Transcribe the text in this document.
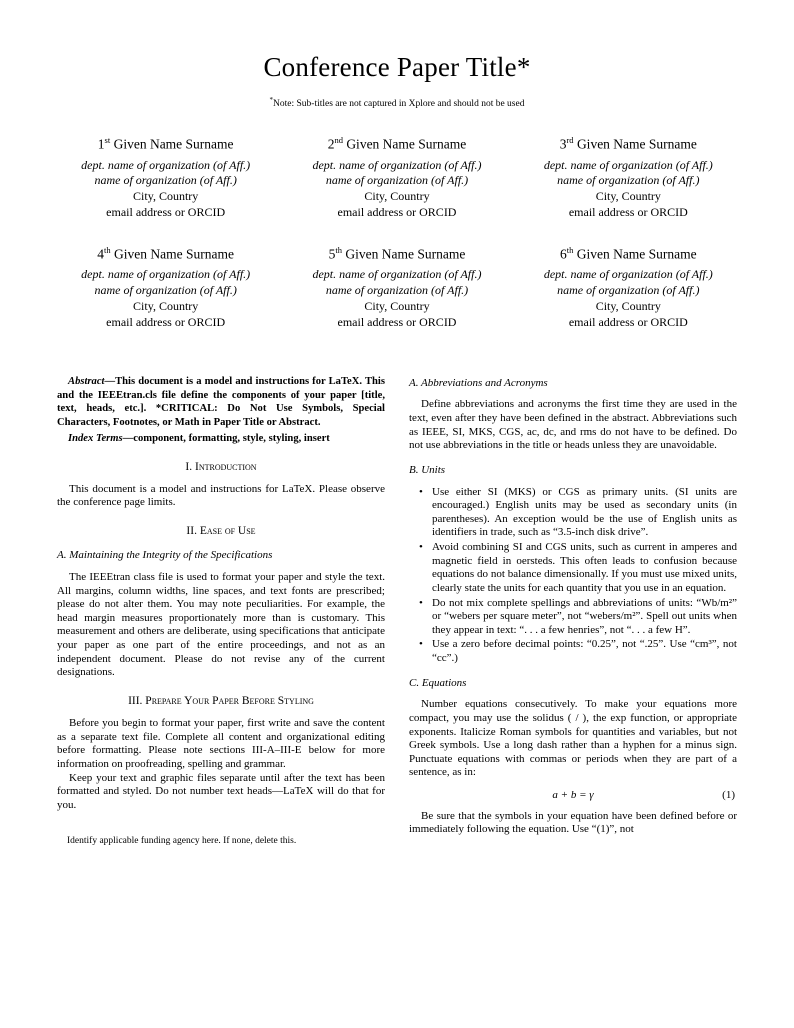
Conference Paper Title*
*Note: Sub-titles are not captured in Xplore and should not be used
1st Given Name Surname
dept. name of organization (of Aff.)
name of organization (of Aff.)
City, Country
email address or ORCID
2nd Given Name Surname
dept. name of organization (of Aff.)
name of organization (of Aff.)
City, Country
email address or ORCID
3rd Given Name Surname
dept. name of organization (of Aff.)
name of organization (of Aff.)
City, Country
email address or ORCID
4th Given Name Surname
dept. name of organization (of Aff.)
name of organization (of Aff.)
City, Country
email address or ORCID
5th Given Name Surname
dept. name of organization (of Aff.)
name of organization (of Aff.)
City, Country
email address or ORCID
6th Given Name Surname
dept. name of organization (of Aff.)
name of organization (of Aff.)
City, Country
email address or ORCID

Abstract—This document is a model and instructions for LaTeX. This and the IEEEtran.cls file define the components of your paper [title, text, heads, etc.]. *CRITICAL: Do Not Use Symbols, Special Characters, Footnotes, or Math in Paper Title or Abstract.

Index Terms—component, formatting, style, styling, insert

I. Introduction

This document is a model and instructions for LaTeX. Please observe the conference page limits.

II. Ease of Use
A. Maintaining the Integrity of the Specifications

The IEEEtran class file is used to format your paper and style the text. All margins, column widths, line spaces, and text fonts are prescribed; please do not alter them. You may note peculiarities. For example, the head margin measures proportionately more than is customary. This measurement and others are deliberate, using specifications that anticipate your paper as one part of the entire proceedings, and not as an independent document. Please do not revise any of the current designations.

III. Prepare Your Paper Before Styling

Before you begin to format your paper, first write and save the content as a separate text file. Complete all content and organizational editing before formatting. Please note sections III-A–III-E below for more information on proofreading, spelling and grammar.

Keep your text and graphic files separate until after the text has been formatted and styled. Do not number text heads—LaTeX will do that for you.

Identify applicable funding agency here. If none, delete this.

A. Abbreviations and Acronyms

Define abbreviations and acronyms the first time they are used in the text, even after they have been defined in the abstract. Abbreviations such as IEEE, SI, MKS, CGS, ac, dc, and rms do not have to be defined. Do not use abbreviations in the title or heads unless they are unavoidable.

B. Units
• Use either SI (MKS) or CGS as primary units. (SI units are encouraged.) English units may be used as secondary units (in parentheses). An exception would be the use of English units as identifiers in trade, such as “3.5-inch disk drive”.
• Avoid combining SI and CGS units, such as current in amperes and magnetic field in oersteds. This often leads to confusion because equations do not balance dimensionally. If you must use mixed units, clearly state the units for each quantity that you use in an equation.
• Do not mix complete spellings and abbreviations of units: “Wb/m²” or “webers per square meter”, not “webers/m²”. Spell out units when they appear in text: “. . . a few henries”, not “. . . a few H”.
• Use a zero before decimal points: “0.25”, not “.25”. Use “cm³”, not “cc”.)
C. Equations

Number equations consecutively. To make your equations more compact, you may use the solidus ( / ), the exp function, or appropriate exponents. Italicize Roman symbols for quantities and variables, but not Greek symbols. Use a long dash rather than a hyphen for a minus sign. Punctuate equations with commas or periods when they are part of a sentence, as in:

a + b = γ	(1)

Be sure that the symbols in your equation have been defined before or immediately following the equation. Use “(1)”, not
